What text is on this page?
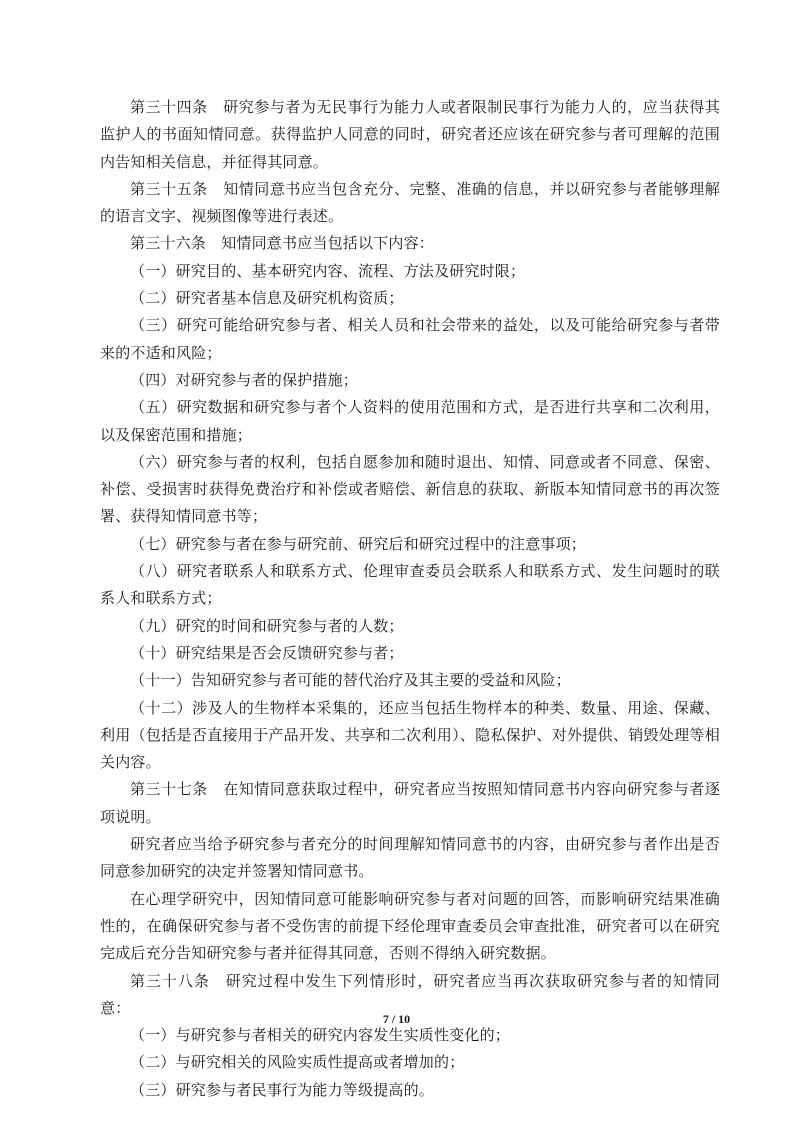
第三十四条　研究参与者为无民事行为能力人或者限制民事行为能力人的，应当获得其监护人的书面知情同意。获得监护人同意的同时，研究者还应该在研究参与者可理解的范围内告知相关信息，并征得其同意。

第三十五条　知情同意书应当包含充分、完整、准确的信息，并以研究参与者能够理解的语言文字、视频图像等进行表述。

第三十六条　知情同意书应当包括以下内容：

（一）研究目的、基本研究内容、流程、方法及研究时限；

（二）研究者基本信息及研究机构资质；

（三）研究可能给研究参与者、相关人员和社会带来的益处，以及可能给研究参与者带来的不适和风险；

（四）对研究参与者的保护措施；

（五）研究数据和研究参与者个人资料的使用范围和方式，是否进行共享和二次利用，以及保密范围和措施；

（六）研究参与者的权利，包括自愿参加和随时退出、知情、同意或者不同意、保密、补偿、受损害时获得免费治疗和补偿或者赔偿、新信息的获取、新版本知情同意书的再次签署、获得知情同意书等；

（七）研究参与者在参与研究前、研究后和研究过程中的注意事项；

（八）研究者联系人和联系方式、伦理审查委员会联系人和联系方式、发生问题时的联系人和联系方式；

（九）研究的时间和研究参与者的人数；

（十）研究结果是否会反馈研究参与者；

（十一）告知研究参与者可能的替代治疗及其主要的受益和风险；

（十二）涉及人的生物样本采集的，还应当包括生物样本的种类、数量、用途、保藏、利用（包括是否直接用于产品开发、共享和二次利用）、隐私保护、对外提供、销毁处理等相关内容。

第三十七条　在知情同意获取过程中，研究者应当按照知情同意书内容向研究参与者逐项说明。

研究者应当给予研究参与者充分的时间理解知情同意书的内容，由研究参与者作出是否同意参加研究的决定并签署知情同意书。

在心理学研究中，因知情同意可能影响研究参与者对问题的回答，而影响研究结果准确性的，在确保研究参与者不受伤害的前提下经伦理审查委员会审查批准，研究者可以在研究完成后充分告知研究参与者并征得其同意，否则不得纳入研究数据。

第三十八条　研究过程中发生下列情形时，研究者应当再次获取研究参与者的知情同意：

（一）与研究参与者相关的研究内容发生实质性变化的；

（二）与研究相关的风险实质性提高或者增加的；

（三）研究参与者民事行为能力等级提高的。

7 / 10
